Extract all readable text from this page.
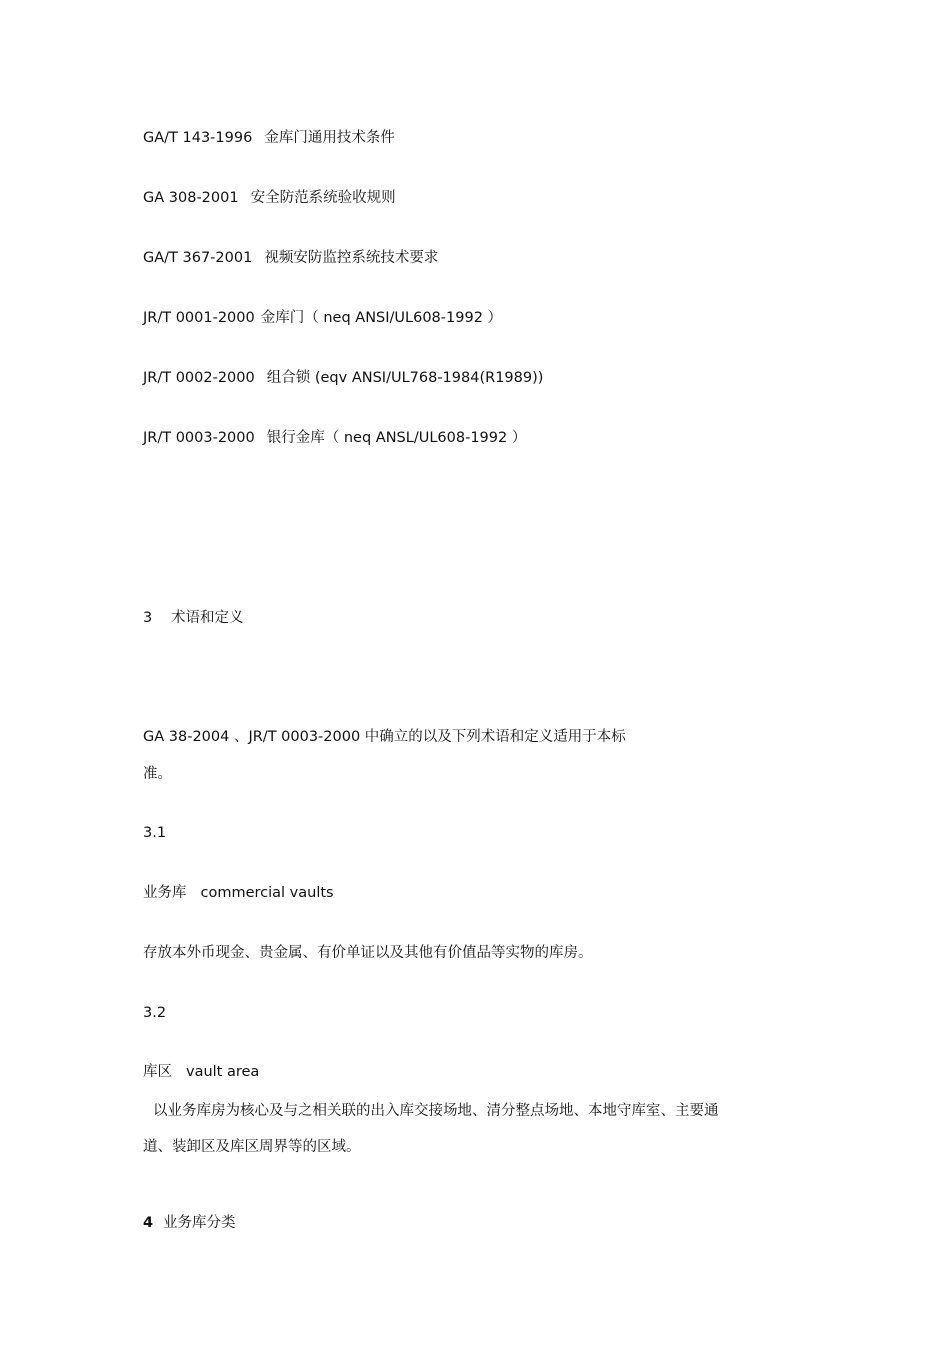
GA/T 143-1996 金库门通用技术条件
GA 308-2001 安全防范系统验收规则
GA/T 367-2001 视频安防监控系统技术要求
JR/T 0001-2000 金库门（ neq ANSI/UL608-1992 ）
JR/T 0002-2000 组合锁 (eqv ANSI/UL768-1984(R1989))
JR/T 0003-2000 银行金库（ neq ANSL/UL608-1992 ）
3 术语和定义
GA 38-2004 、JR/T 0003-2000 中确立的以及下列术语和定义适用于本标
准。
3.1
业务库 commercial vaults
存放本外币现金、贵金属、有价单证以及其他有价值品等实物的库房。
3.2
库区 vault area
以业务库房为核心及与之相关联的出入库交接场地、清分整点场地、本地守库室、主要通
道、装卸区及库区周界等的区域。
4 业务库分类
